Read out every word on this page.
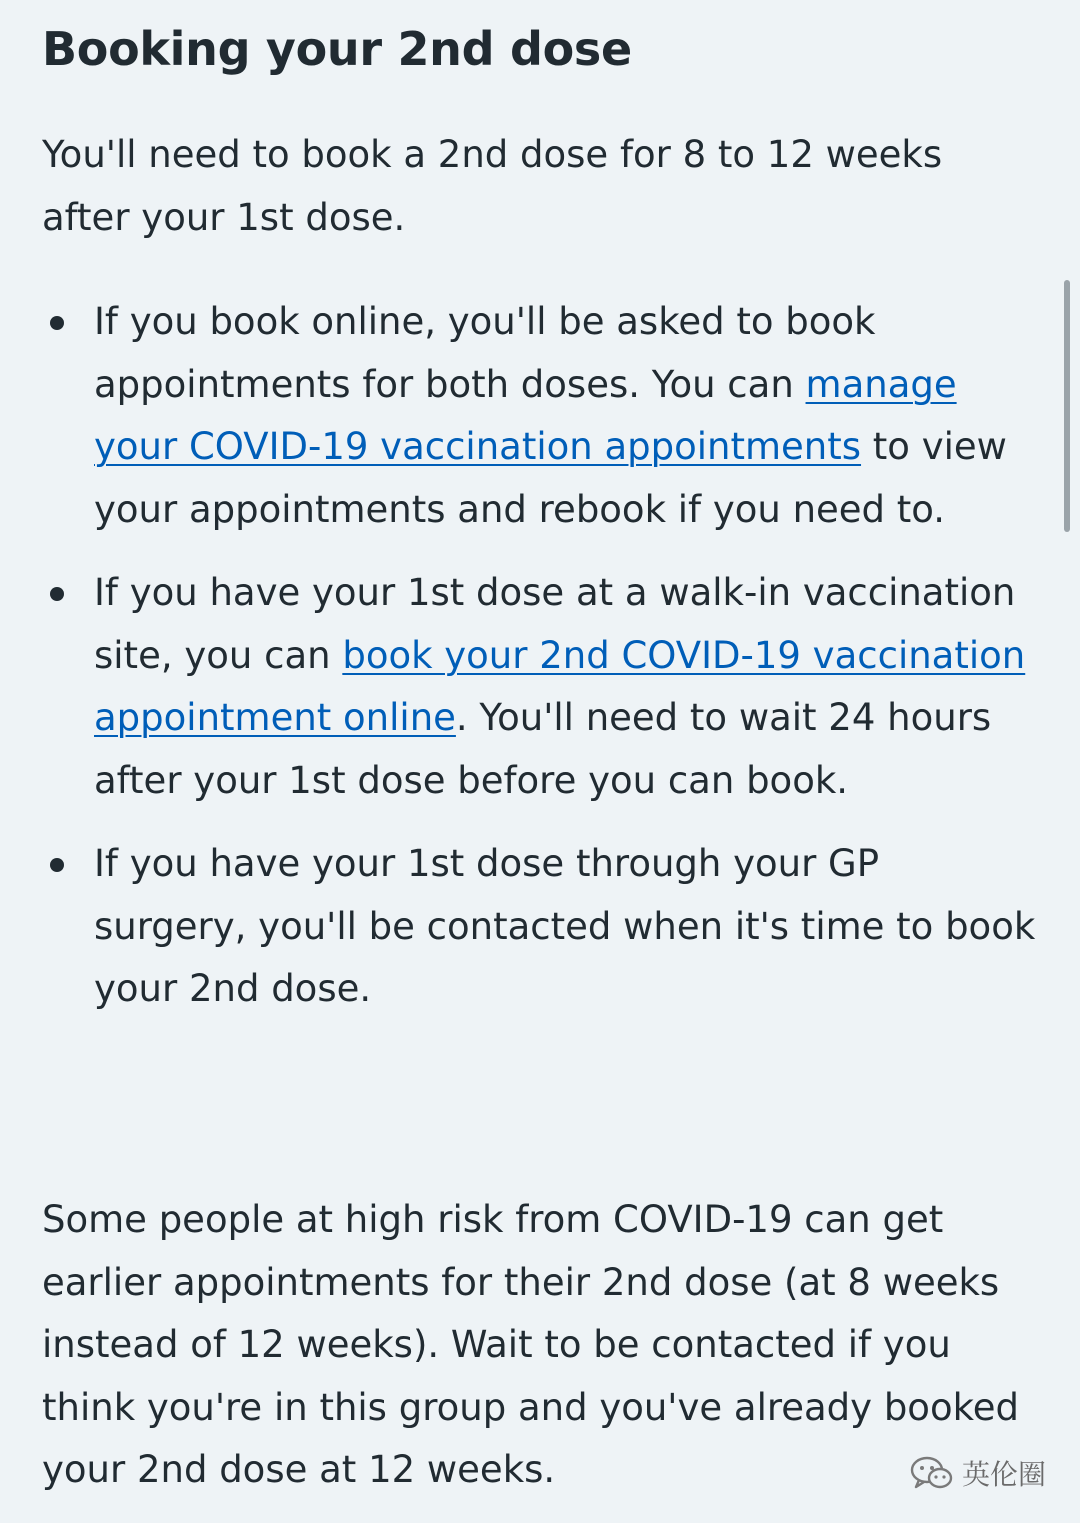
Booking your 2nd dose

You'll need to book a 2nd dose for 8 to 12 weeks after your 1st dose.

If you book online, you'll be asked to book appointments for both doses. You can manage your COVID-19 vaccination appointments to view your appointments and rebook if you need to.
If you have your 1st dose at a walk-in vaccination site, you can book your 2nd COVID-19 vaccination appointment online. You'll need to wait 24 hours after your 1st dose before you can book.
If you have your 1st dose through your GP surgery, you'll be contacted when it's time to book your 2nd dose.

Some people at high risk from COVID-19 can get earlier appointments for their 2nd dose (at 8 weeks instead of 12 weeks). Wait to be contacted if you think you're in this group and you've already booked your 2nd dose at 12 weeks.	英伦圈
